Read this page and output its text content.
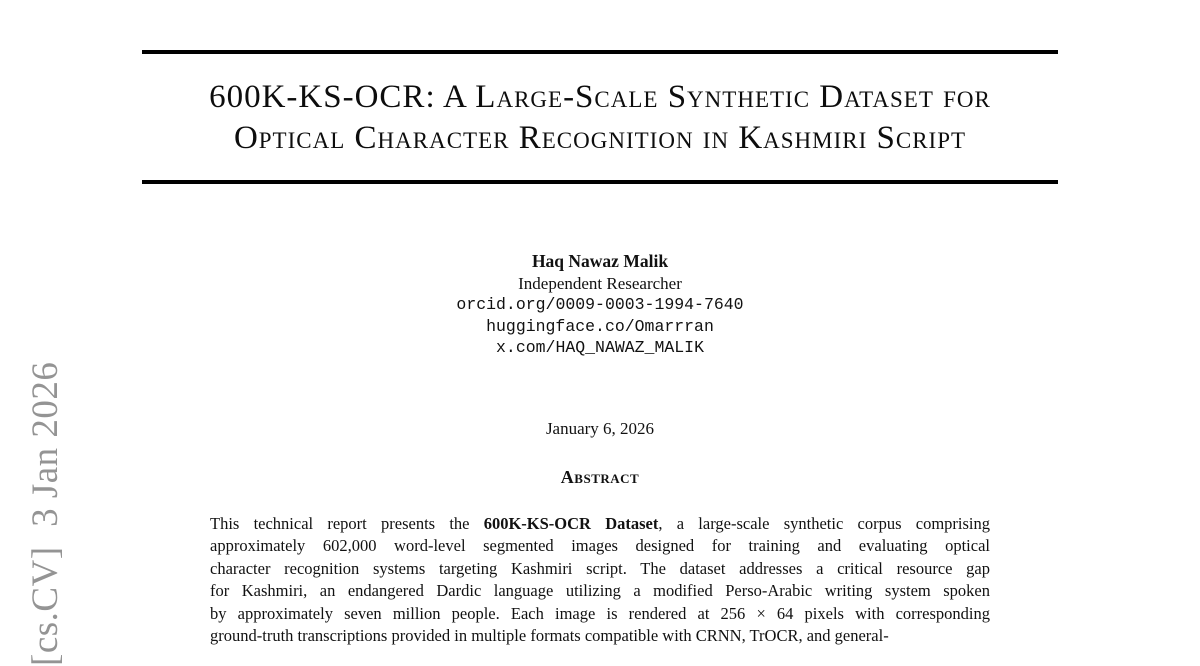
[cs.CV]  3 Jan 2026
600K-KS-OCR: A Large-Scale Synthetic Dataset for
Optical Character Recognition in Kashmiri Script
Haq Nawaz Malik
Independent Researcher
orcid.org/0009-0003-1994-7640
huggingface.co/Omarrran
x.com/HAQ_NAWAZ_MALIK
January 6, 2026
Abstract
This technical report presents the 600K-KS-OCR Dataset, a large-scale synthetic corpus comprising
approximately 602,000 word-level segmented images designed for training and evaluating optical
character recognition systems targeting Kashmiri script. The dataset addresses a critical resource gap
for Kashmiri, an endangered Dardic language utilizing a modified Perso-Arabic writing system spoken
by approximately seven million people. Each image is rendered at 256 × 64 pixels with corresponding
ground-truth transcriptions provided in multiple formats compatible with CRNN, TrOCR, and general-
